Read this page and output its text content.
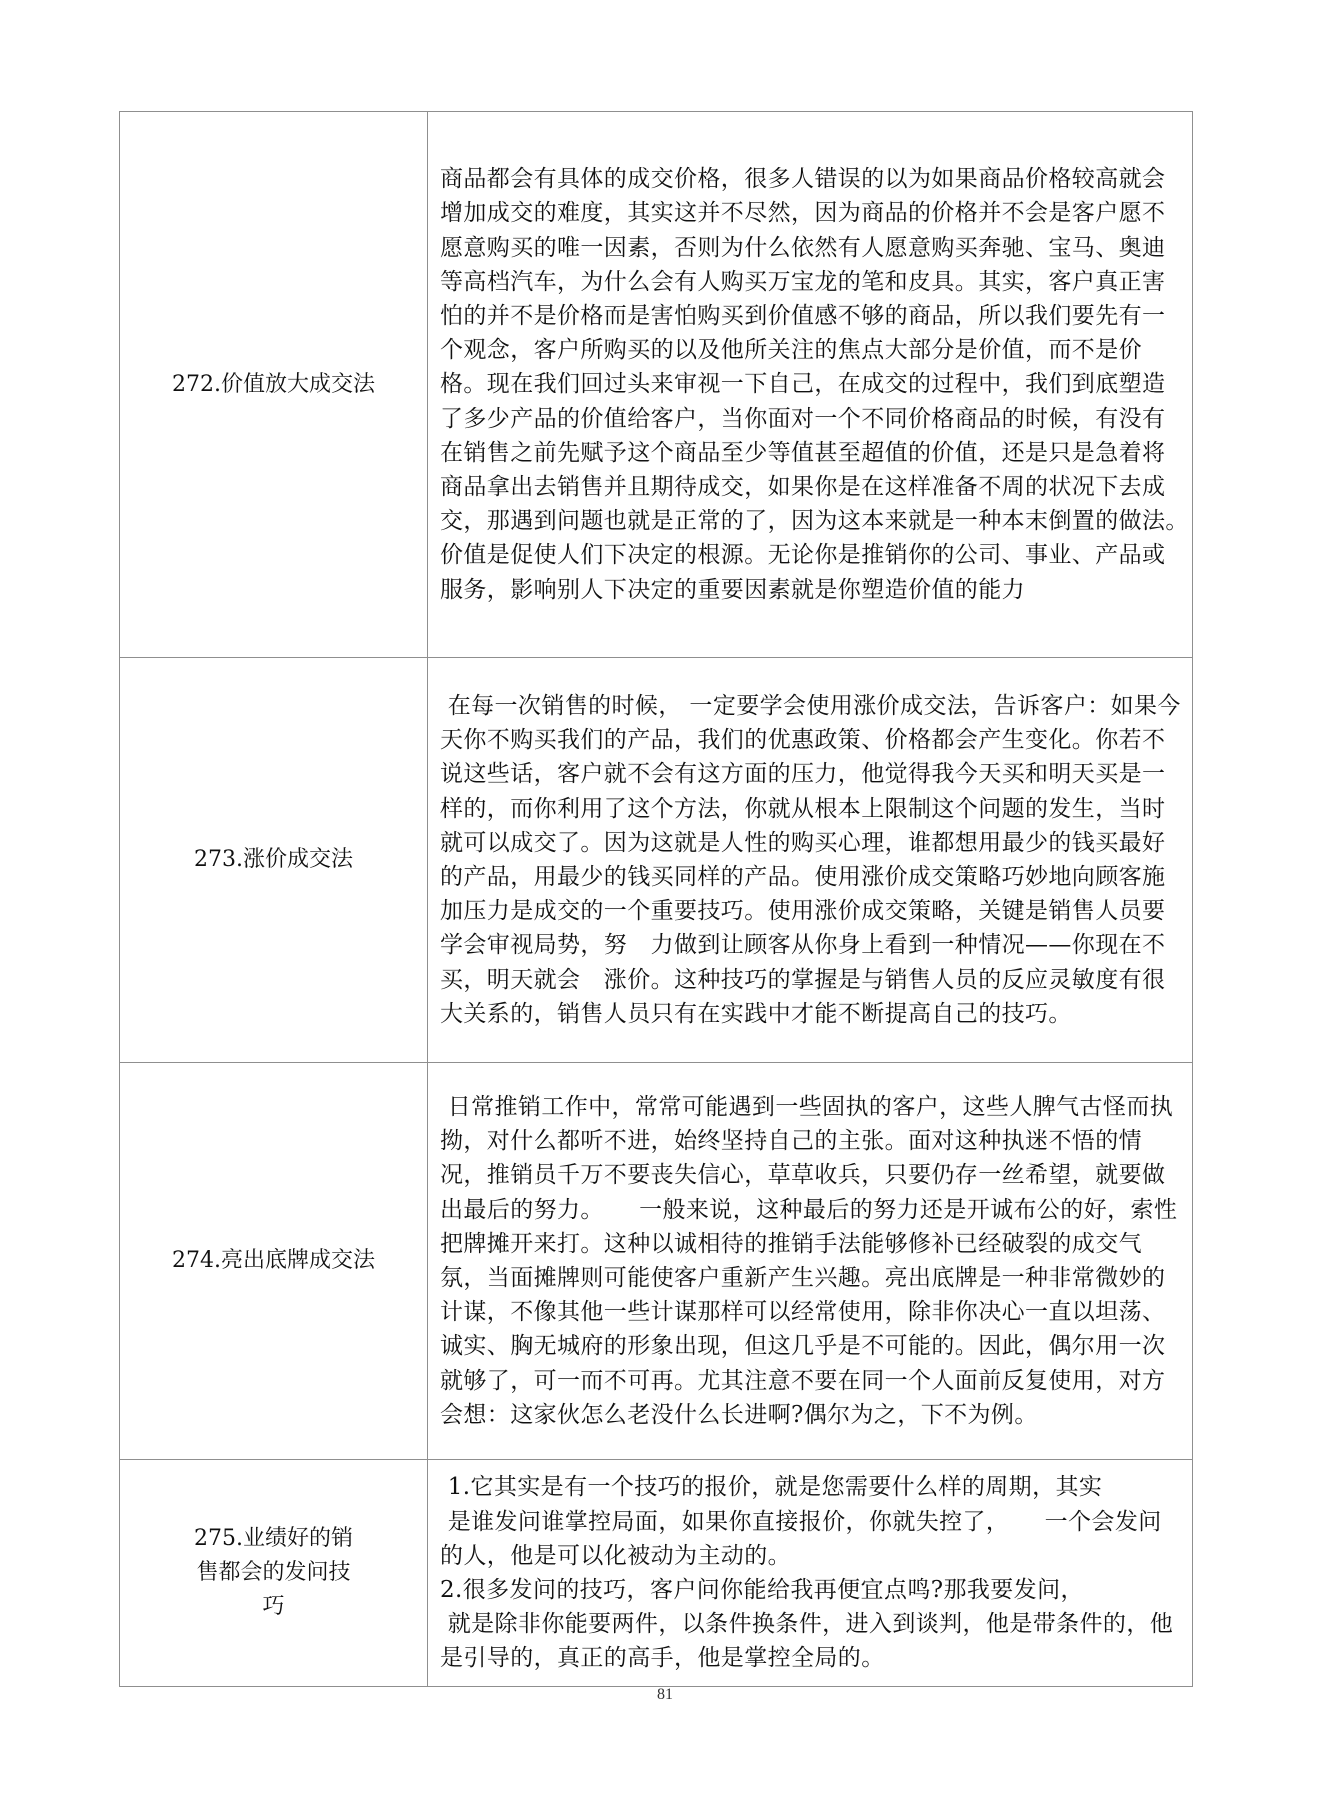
272.价值放大成交法	商品都会有具体的成交价格，很多人错误的以为如果商品价格较高就会增加成交的难度，其实这并不尽然，因为商品的价格并不会是客户愿不愿意购买的唯一因素，否则为什么依然有人愿意购买奔驰、宝马、奥迪等高档汽车，为什么会有人购买万宝龙的笔和皮具。其实，客户真正害怕的并不是价格而是害怕购买到价值感不够的商品，所以我们要先有一个观念，客户所购买的以及他所关注的焦点大部分是价值，而不是价格。现在我们回过头来审视一下自己，在成交的过程中，我们到底塑造了多少产品的价值给客户，当你面对一个不同价格商品的时候，有没有在销售之前先赋予这个商品至少等值甚至超值的价值，还是只是急着将商品拿出去销售并且期待成交，如果你是在这样准备不周的状况下去成交，那遇到问题也就是正常的了，因为这本来就是一种本末倒置的做法。　　价值是促使人们下决定的根源。无论你是推销你的公司、事业、产品或服务，影响别人下决定的重要因素就是你塑造价值的能力

273.涨价成交法	在每一次销售的时候， 一定要学会使用涨价成交法，告诉客户：如果今天你不购买我们的产品，我们的优惠政策、价格都会产生变化。你若不说这些话，客户就不会有这方面的压力，他觉得我今天买和明天买是一样的，而你利用了这个方法，你就从根本上限制这个问题的发生，当时就可以成交了。因为这就是人性的购买心理，谁都想用最少的钱买最好的产品，用最少的钱买同样的产品。使用涨价成交策略巧妙地向顾客施加压力是成交的一个重要技巧。使用涨价成交策略，关键是销售人员要学会审视局势，努　力做到让顾客从你身上看到一种情况——你现在不买，明天就会　涨价。这种技巧的掌握是与销售人员的反应灵敏度有很大关系的，销售人员只有在实践中才能不断提高自己的技巧。

274.亮出底牌成交法	日常推销工作中，常常可能遇到一些固执的客户，这些人脾气古怪而执拗，对什么都听不进，始终坚持自己的主张。面对这种执迷不悟的情况，推销员千万不要丧失信心，草草收兵，只要仍存一丝希望，就要做出最后的努力。　　一般来说，这种最后的努力还是开诚布公的好，索性把牌摊开来打。这种以诚相待的推销手法能够修补已经破裂的成交气氛，当面摊牌则可能使客户重新产生兴趣。亮出底牌是一种非常微妙的计谋，不像其他一些计谋那样可以经常使用，除非你决心一直以坦荡、诚实、胸无城府的形象出现，但这几乎是不可能的。因此，偶尔用一次就够了，可一而不可再。尤其注意不要在同一个人面前反复使用，对方会想：这家伙怎么老没什么长进啊?偶尔为之，下不为例。

275.业绩好的销售都会的发问技巧	1.它其实是有一个技巧的报价，就是您需要什么样的周期，其实
是谁发问谁掌控局面，如果你直接报价，你就失控了，　　一个会发问的人，他是可以化被动为主动的。
2.很多发问的技巧，客户问你能给我再便宜点鸣?那我要发问，
就是除非你能要两件，以条件换条件，进入到谈判，他是带条件的，他是引导的，真正的高手，他是掌控全局的。
81
